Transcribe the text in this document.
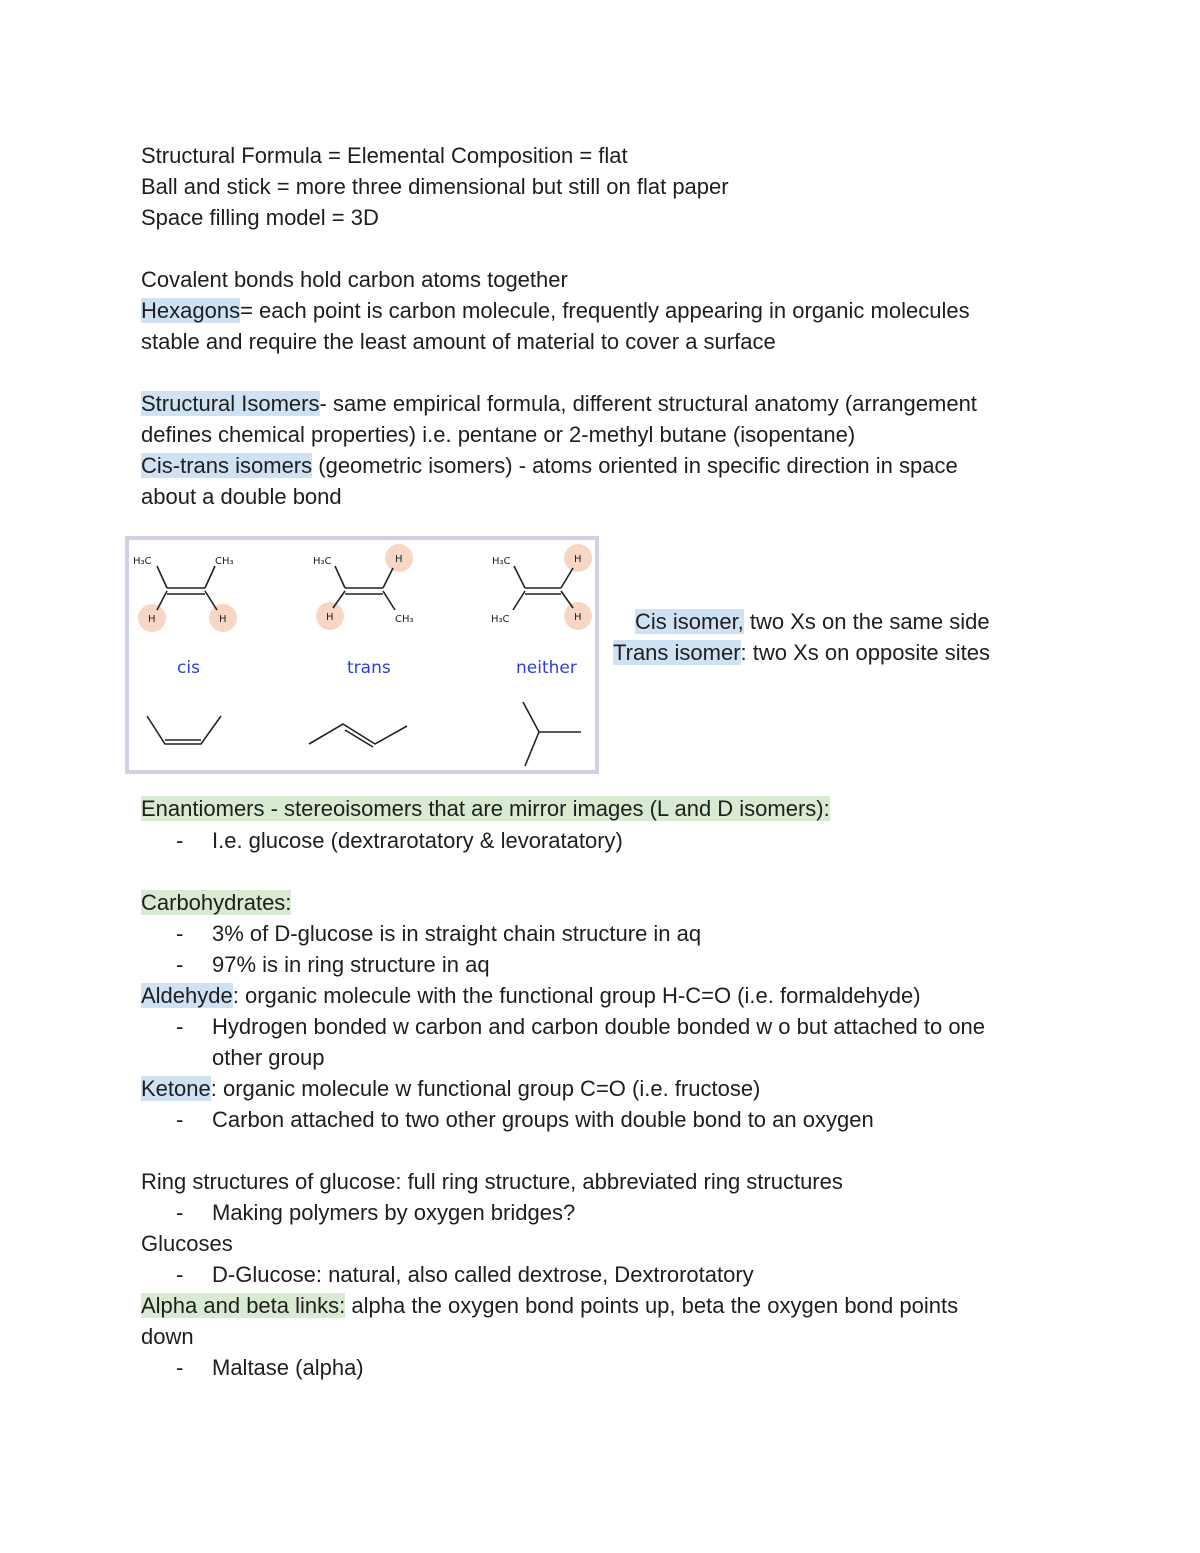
Structural Formula = Elemental Composition = flat
Ball and stick = more three dimensional but still on flat paper
Space filling model = 3D
Covalent bonds hold carbon atoms together
Hexagons= each point is carbon molecule, frequently appearing in organic molecules
stable and require the least amount of material to cover a surface
Structural Isomers- same empirical formula, different structural anatomy (arrangement
defines chemical properties) i.e. pentane or 2-methyl butane (isopentane)
Cis-trans isomers (geometric isomers) - atoms oriented in specific direction in space
about a double bond
H₃C	CH₃
H	H
H₃C	H
H	CH₃
H₃C	H
H₃C	H
cis	trans	neither
Cis isomer, two Xs on the same side
Trans isomer: two Xs on opposite sites
Enantiomers - stereoisomers that are mirror images (L and D isomers):
- I.e. glucose (dextrarotatory & levoratatory)
Carbohydrates:
- 3% of D-glucose is in straight chain structure in aq
- 97% is in ring structure in aq
Aldehyde: organic molecule with the functional group H-C=O (i.e. formaldehyde)
- Hydrogen bonded w carbon and carbon double bonded w o but attached to one
other group
Ketone: organic molecule w functional group C=O (i.e. fructose)
- Carbon attached to two other groups with double bond to an oxygen
Ring structures of glucose: full ring structure, abbreviated ring structures
- Making polymers by oxygen bridges?
Glucoses
- D-Glucose: natural, also called dextrose, Dextrorotatory
Alpha and beta links: alpha the oxygen bond points up, beta the oxygen bond points
down
- Maltase (alpha)
